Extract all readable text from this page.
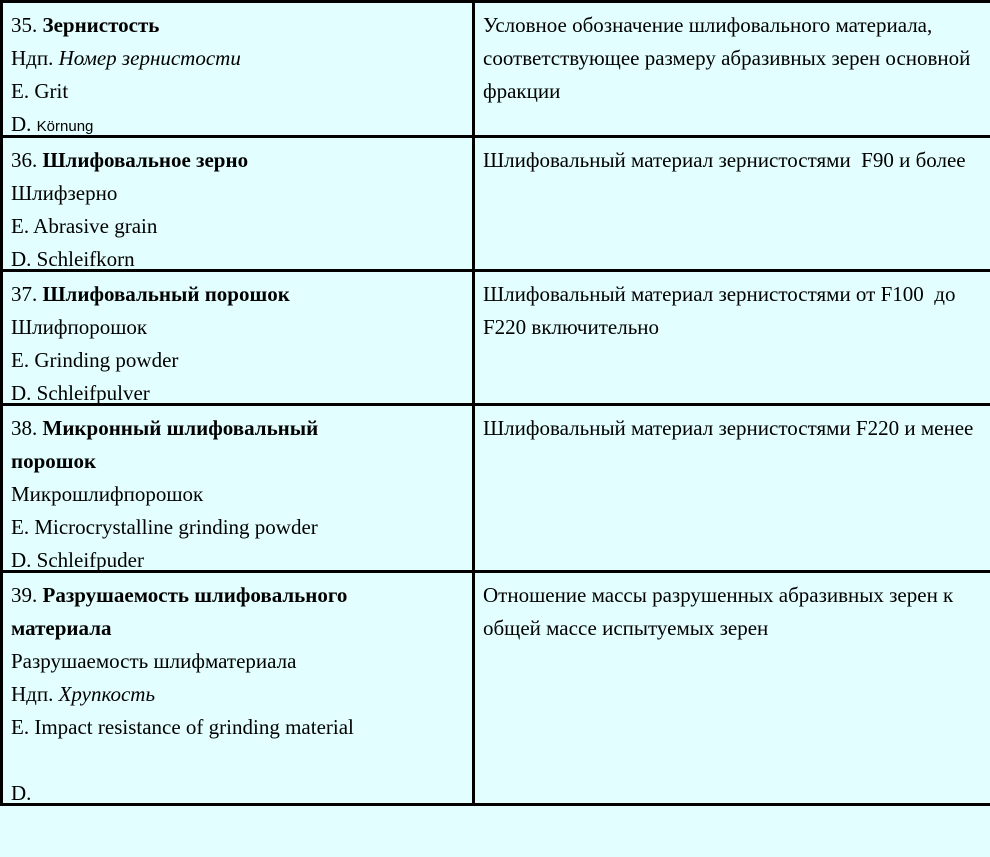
35. Зернистость
Ндп. Номер зернистости
E. Grit
D. Körnung
Условное обозначение шлифовального материала, соответствующее размеру абразивных зерен основной фракции
36. Шлифовальное зерно
Шлифзерно
E. Abrasive grain
D. Schleifkorn
Шлифовальный материал зернистостями  F90 и более
37. Шлифовальный порошок
Шлифпорошок
E. Grinding powder
D. Schleifpulver
Шлифовальный материал зернистостями от F100  до F220 включительно
38. Микронный шлифовальный
порошок
Микрошлифпорошок
E. Microcrystalline grinding powder
D. Schleifpuder
Шлифовальный материал зернистостями F220 и менее
39. Разрушаемость шлифовального
материала
Разрушаемость шлифматериала
Ндп. Хрупкость
E. Impact resistance of grinding material

D.
Отношение массы разрушенных абразивных зерен к общей массе испытуемых зерен
